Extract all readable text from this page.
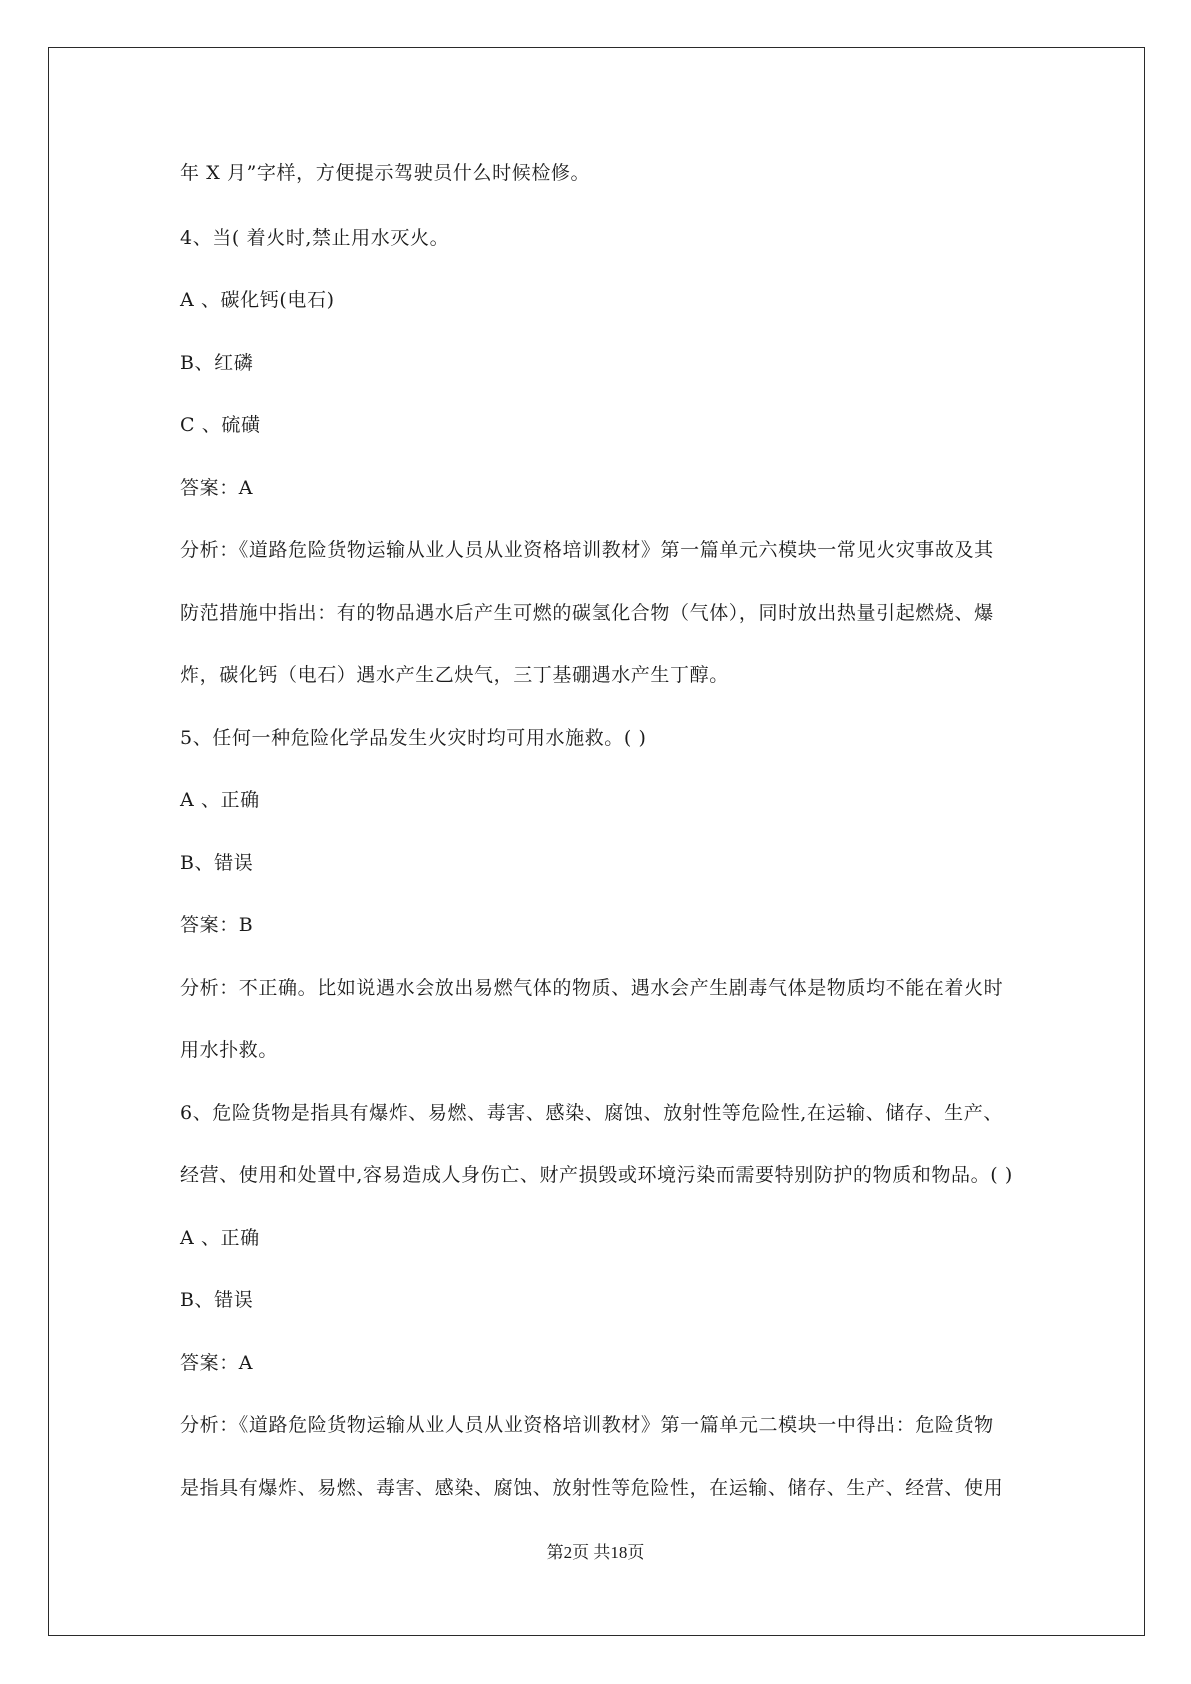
年 X 月”字样，方便提示驾驶员什么时候检修。
4、当( 着火时,禁止用水灭火。
A 、碳化钙(电石)
B、红磷
C 、硫磺
答案：A
分析：《道路危险货物运输从业人员从业资格培训教材》第一篇单元六模块一常见火灾事故及其
防范措施中指出：有的物品遇水后产生可燃的碳氢化合物（气体），同时放出热量引起燃烧、爆
炸，碳化钙（电石）遇水产生乙炔气，三丁基硼遇水产生丁醇。
5、任何一种危险化学品发生火灾时均可用水施救。( )
A 、正确
B、错误
答案：B
分析：不正确。比如说遇水会放出易燃气体的物质、遇水会产生剧毒气体是物质均不能在着火时
用水扑救。
6、危险货物是指具有爆炸、易燃、毒害、感染、腐蚀、放射性等危险性,在运输、储存、生产、
经营、使用和处置中,容易造成人身伤亡、财产损毁或环境污染而需要特别防护的物质和物品。( )
A 、正确
B、错误
答案：A
分析：《道路危险货物运输从业人员从业资格培训教材》第一篇单元二模块一中得出：危险货物
是指具有爆炸、易燃、毒害、感染、腐蚀、放射性等危险性，在运输、储存、生产、经营、使用
第2页 共18页
